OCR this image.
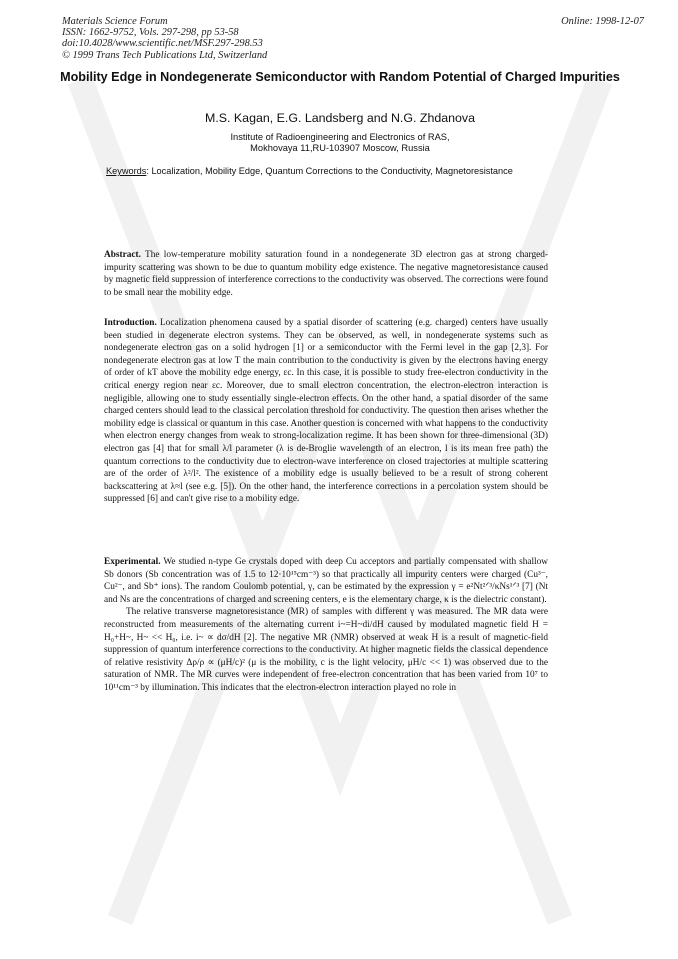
Materials Science Forum
ISSN: 1662-9752, Vols. 297-298, pp 53-58
doi:10.4028/www.scientific.net/MSF.297-298.53
© 1999 Trans Tech Publications Ltd, Switzerland
Online: 1998-12-07
Mobility Edge in Nondegenerate Semiconductor with Random Potential of Charged Impurities
M.S. Kagan, E.G. Landsberg and N.G. Zhdanova
Institute of Radioengineering and Electronics of RAS,
Mokhovaya 11,RU-103907 Moscow, Russia
Keywords: Localization, Mobility Edge, Quantum Corrections to the Conductivity, Magnetoresistance

Abstract. The low-temperature mobility saturation found in a nondegenerate 3D electron gas at strong charged-impurity scattering was shown to be due to quantum mobility edge existence. The negative magnetoresistance caused by magnetic field suppression of interference corrections to the conductivity was observed. The corrections were found to be small near the mobility edge.

Introduction. Localization phenomena caused by a spatial disorder of scattering (e.g. charged) centers have usually been studied in degenerate electron systems. They can be observed, as well, in nondegenerate systems such as nondegenerate electron gas on a solid hydrogen [1] or a semiconductor with the Fermi level in the gap [2,3]. For nondegenerate electron gas at low T the main contribution to the conductivity is given by the electrons having energy of order of kT above the mobility edge energy, εc. In this case, it is possible to study free-electron conductivity in the critical energy region near εc. Moreover, due to small electron concentration, the electron-electron interaction is negligible, allowing one to study essentially single-electron effects. On the other hand, a spatial disorder of the same charged centers should lead to the classical percolation threshold for conductivity. The question then arises whether the mobility edge is classical or quantum in this case. Another question is concerned with what happens to the conductivity when electron energy changes from weak to strong-localization regime. It has been shown for three-dimensional (3D) electron gas [4] that for small λ/l parameter (λ is de-Broglie wavelength of an electron, l is its mean free path) the quantum corrections to the conductivity due to electron-wave interference on closed trajectories at multiple scattering are of the order of λ²/l². The existence of a mobility edge is usually believed to be a result of strong coherent backscattering at λ≈l (see e.g. [5]). On the other hand, the interference corrections in a percolation system should be suppressed [6] and can't give rise to a mobility edge.

Experimental. We studied n-type Ge crystals doped with deep Cu acceptors and partially compensated with shallow Sb donors (Sb concentration was of 1.5 to 12·10¹⁵cm⁻³) so that practically all impurity centers were charged (Cu³⁻, Cu²⁻, and Sb⁺ ions). The random Coulomb potential, γ, can be estimated by the expression γ = e²Nt²ᐟ³/κNs¹ᐟ³ [7] (Nt and Ns are the concentrations of charged and screening centers, e is the elementary charge, κ is the dielectric constant).

The relative transverse magnetoresistance (MR) of samples with different γ was measured. The MR data were reconstructed from measurements of the alternating current i~=H~di/dH caused by modulated magnetic field H = H₀+H~, H~ << H₀, i.e. i~ ∝ dσ/dH [2]. The negative MR (NMR) observed at weak H is a result of magnetic-field suppression of quantum interference corrections to the conductivity. At higher magnetic fields the classical dependence of relative resistivity Δρ/ρ ∝ (μH/c)² (μ is the mobility, c is the light velocity, μH/c << 1) was observed due to the saturation of NMR. The MR curves were independent of free-electron concentration that has been varied from 10⁷ to 10¹¹cm⁻³ by illumination. This indicates that the electron-electron interaction played no role in
